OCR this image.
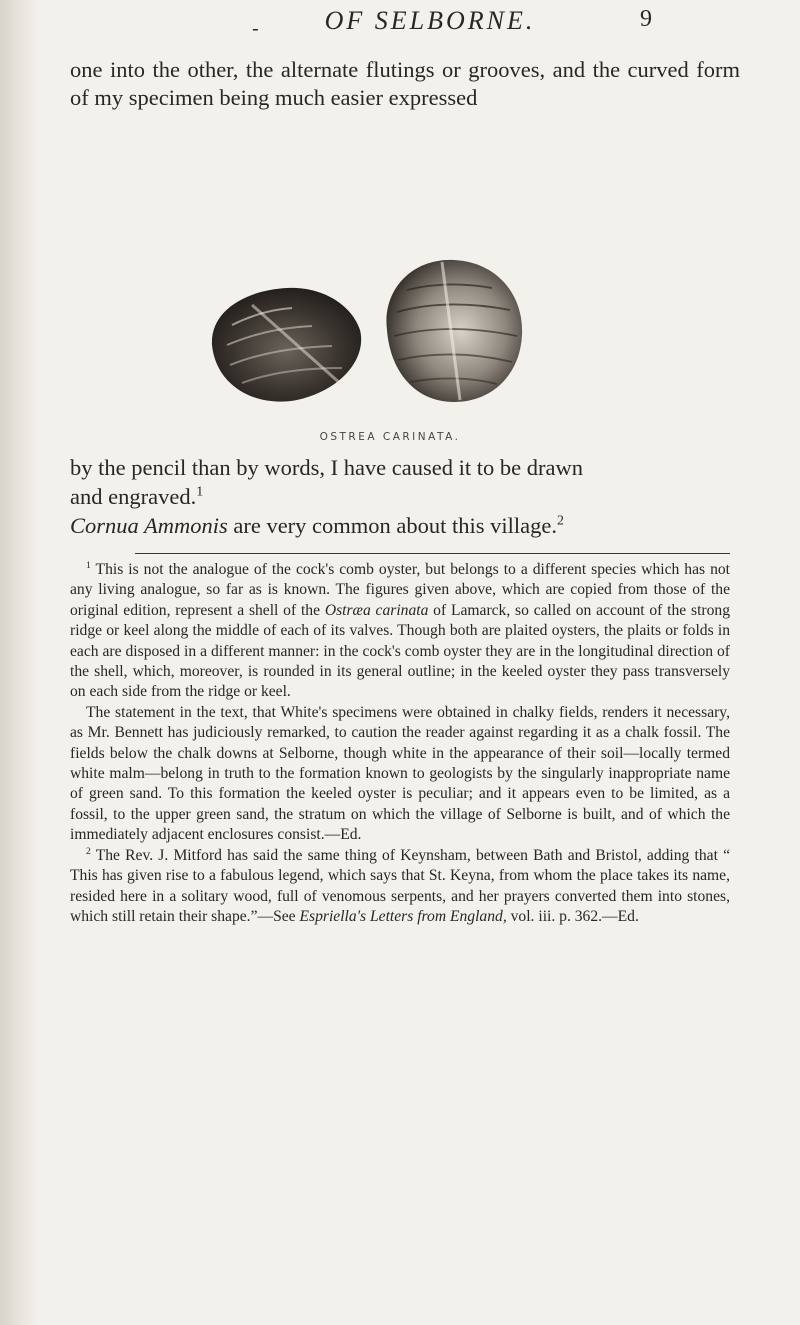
-	OF SELBORNE.	9
one into the other, the alternate flutings or grooves, and the curved form of my specimen being much easier expressed
OSTREA CARINATA.
by the pencil than by words, I have caused it to be drawn
and engraved.$^1$
Cornua Ammonis are very common about this village.$^2$

$^1$ This is not the analogue of the cock's comb oyster, but belongs to a different species which has not any living analogue, so far as is known. The figures given above, which are copied from those of the original edition, represent a shell of the Ostræa carinata of Lamarck, so called on account of the strong ridge or keel along the middle of each of its valves. Though both are plaited oysters, the plaits or folds in each are disposed in a different manner: in the cock's comb oyster they are in the longitudinal direction of the shell, which, moreover, is rounded in its general outline; in the keeled oyster they pass transversely on each side from the ridge or keel.

The statement in the text, that White's specimens were obtained in chalky fields, renders it necessary, as Mr. Bennett has judiciously remarked, to caution the reader against regarding it as a chalk fossil. The fields below the chalk downs at Selborne, though white in the appearance of their soil—locally termed white malm—belong in truth to the formation known to geologists by the singularly inappropriate name of green sand. To this formation the keeled oyster is peculiar; and it appears even to be limited, as a fossil, to the upper green sand, the stratum on which the village of Selborne is built, and of which the immediately adjacent enclosures consist.—Ed.

$^2$ The Rev. J. Mitford has said the same thing of Keynsham, between Bath and Bristol, adding that “ This has given rise to a fabulous legend, which says that St. Keyna, from whom the place takes its name, resided here in a solitary wood, full of venomous serpents, and her prayers converted them into stones, which still retain their shape.”—See Espriella's Letters from England, vol. iii. p. 362.—Ed.
